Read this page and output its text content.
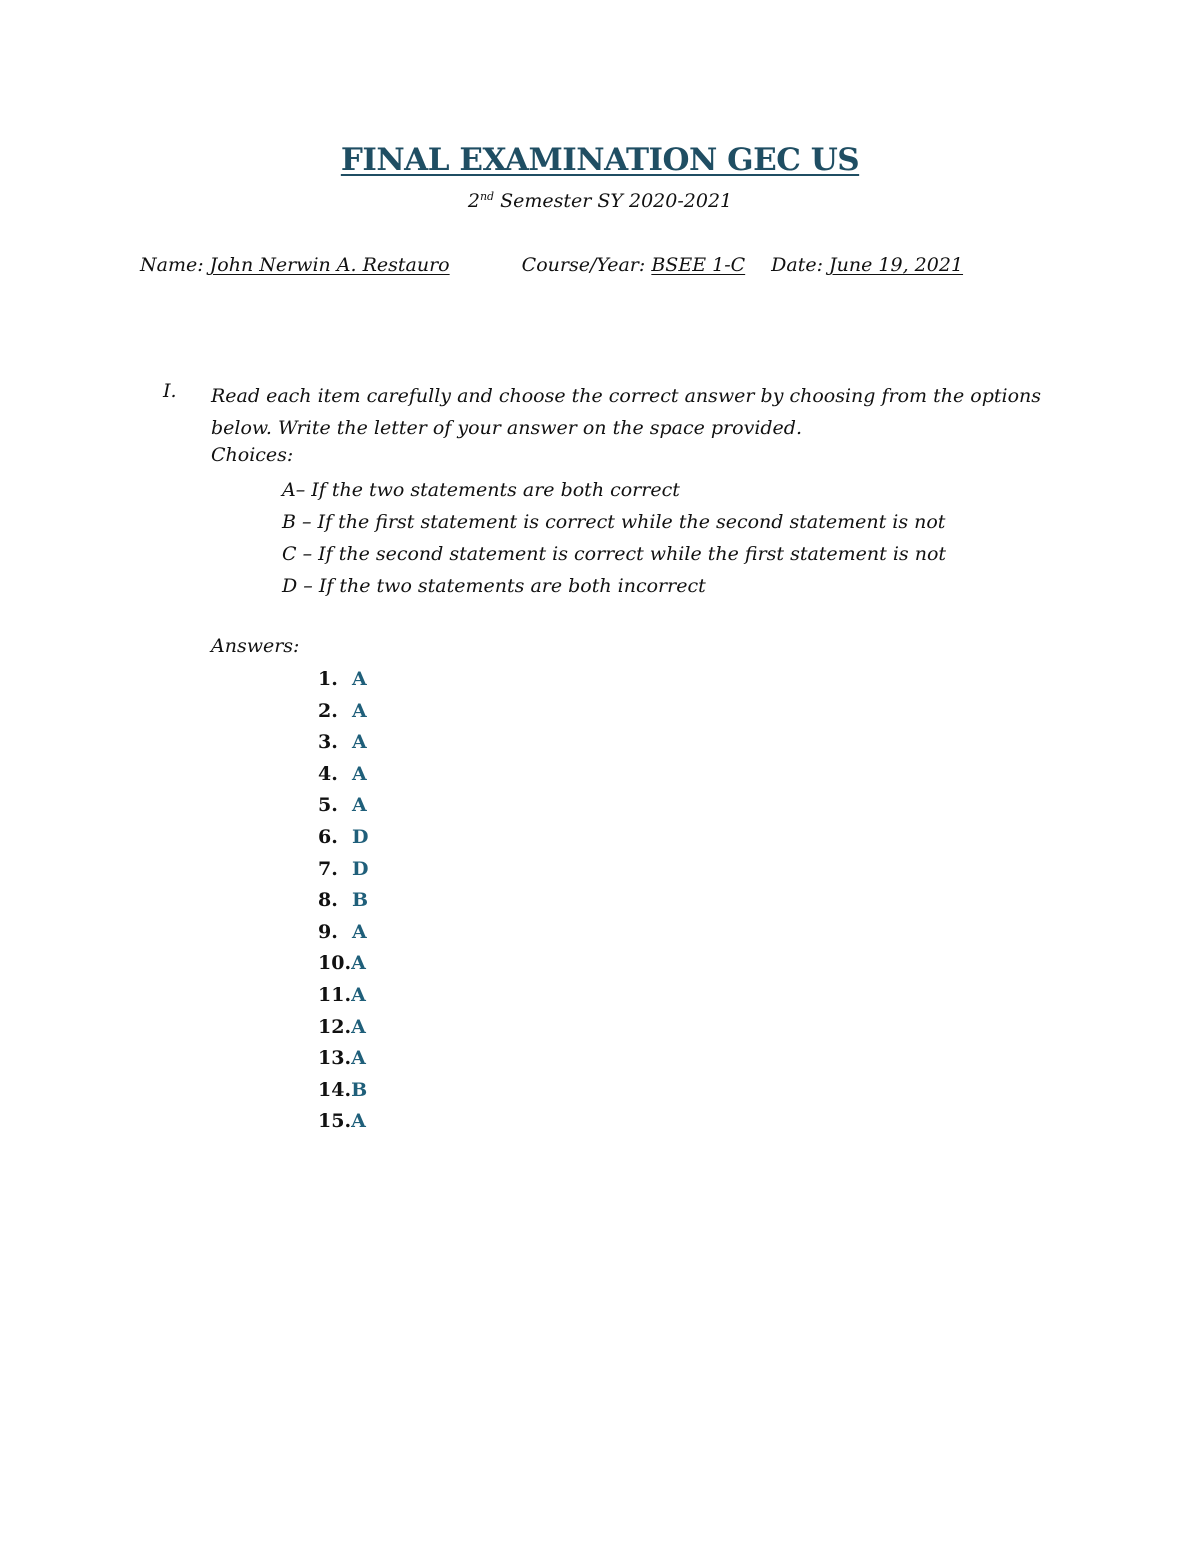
FINAL EXAMINATION GEC US
2nd Semester SY 2020-2021
Name: John Nerwin A. Restauro	Course/Year: BSEE 1-C Date: June 19, 2021
I. Read each item carefully and choose the correct answer by choosing from the options below. Write the letter of your answer on the space provided.
Choices:
A– If the two statements are both correct
B – If the first statement is correct while the second statement is not
C – If the second statement is correct while the first statement is not
D – If the two statements are both incorrect
Answers:
1. A
2. A
3. A
4. A
5. A
6. D
7. D
8. B
9. A
10.A
11.A
12.A
13.A
14.B
15.A
